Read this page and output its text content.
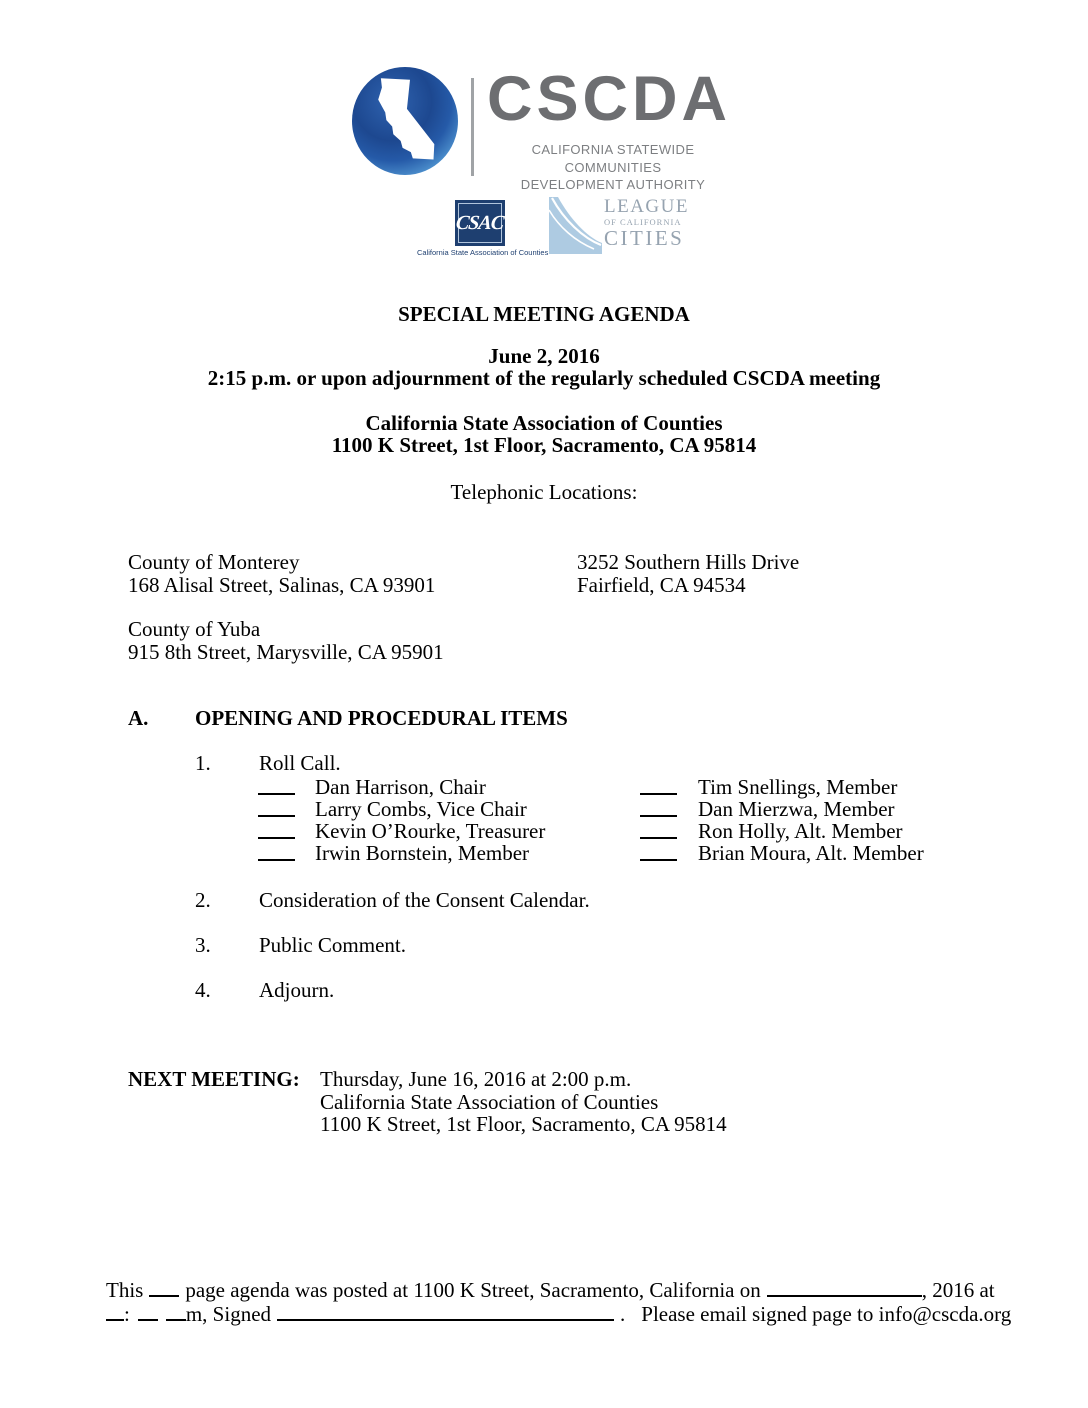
CSCDA
CALIFORNIA STATEWIDE COMMUNITIES
DEVELOPMENT AUTHORITY
CSAC
California State Association of Counties
LEAGUE
OF CALIFORNIA
CITIES
SPECIAL MEETING AGENDA
June 2, 2016
2:15 p.m. or upon adjournment of the regularly scheduled CSCDA meeting
California State Association of Counties
1100 K Street, 1st Floor, Sacramento, CA 95814
Telephonic Locations:
County of Monterey
168 Alisal Street, Salinas, CA 93901
3252 Southern Hills Drive
Fairfield, CA 94534
County of Yuba
915 8th Street, Marysville, CA 95901
A. OPENING AND PROCEDURAL ITEMS
1. Roll Call.
Dan Harrison, Chair
Larry Combs, Vice Chair
Kevin O’Rourke, Treasurer
Irwin Bornstein, Member
Tim Snellings, Member
Dan Mierzwa, Member
Ron Holly, Alt. Member
Brian Moura, Alt. Member
2. Consideration of the Consent Calendar.
3. Public Comment.
4. Adjourn.
NEXT MEETING: Thursday, June 16, 2016 at 2:00 p.m.
California State Association of Counties
1100 K Street, 1st Floor, Sacramento, CA 95814
This page agenda was posted at 1100 K Street, Sacramento, California on	, 2016 at
:	m, Signed	. Please email signed page to info@cscda.org
